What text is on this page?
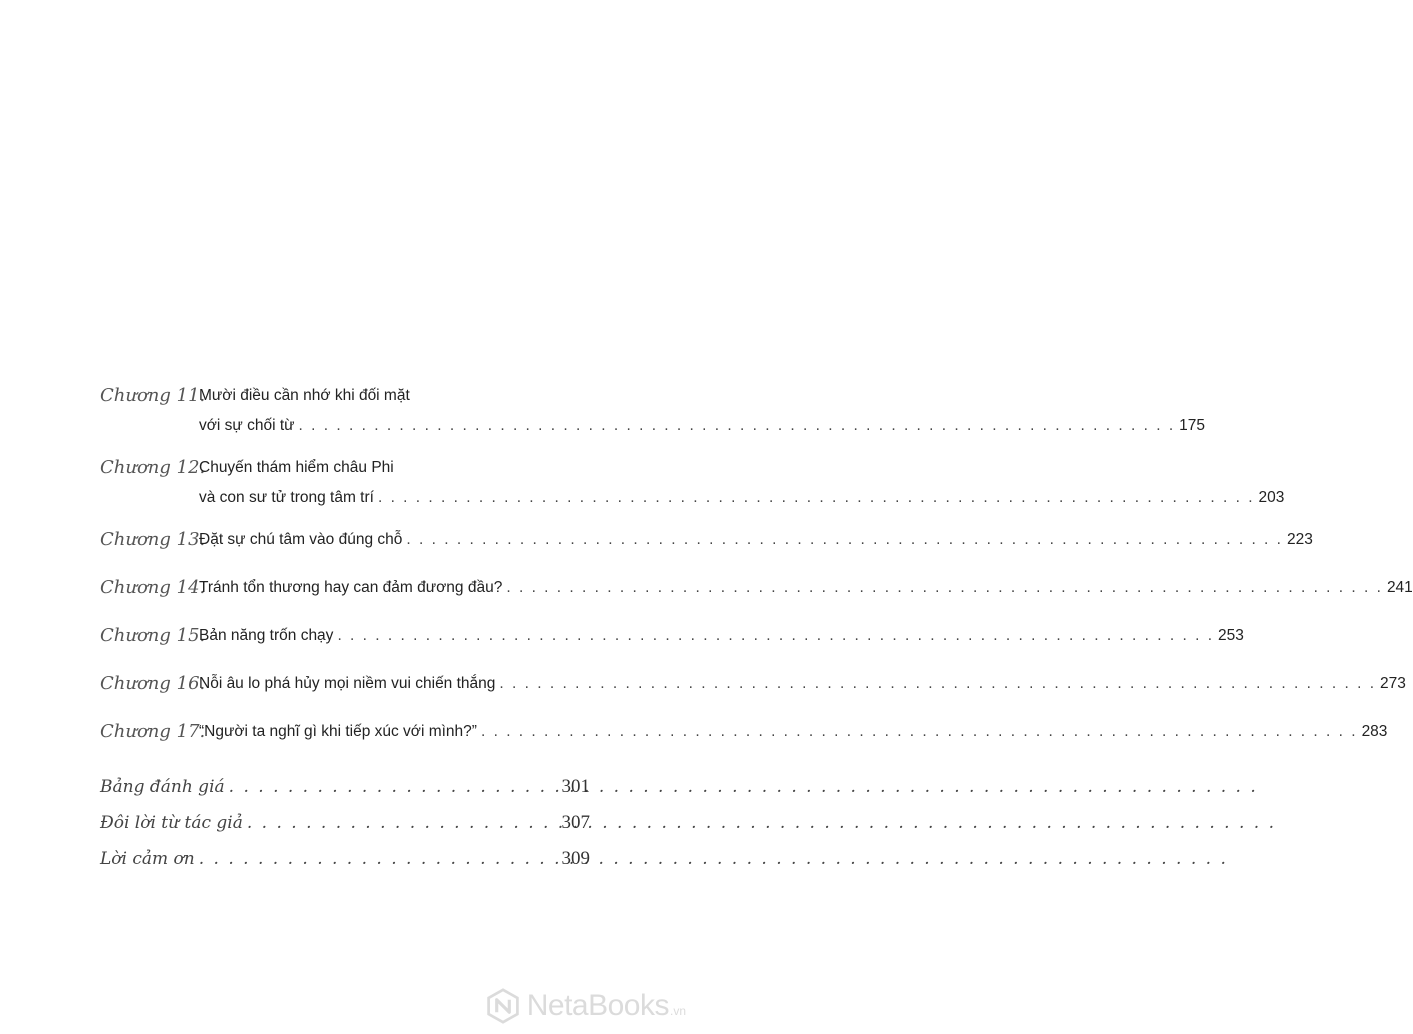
Chương 11.
Mười điều cần nhớ khi đối mặt
với sự chối từ . . .	175
Chương 12.
Chuyến thám hiểm châu Phi
và con sư tử trong tâm trí . . .	203
Chương 13.
Đặt sự chú tâm vào đúng chỗ . . .	223
Chương 14.
Tránh tổn thương hay can đảm đương đầu? . . .	241
Chương 15.
Bản năng trốn chạy . . .	253
Chương 16.
Nỗi âu lo phá hủy mọi niềm vui chiến thắng . . .	273
Chương 17.
“Người ta nghĩ gì khi tiếp xúc với mình?” . . .	283
Bảng đánh giá . . .	301
Đôi lời từ tác giả . . .	307
Lời cảm ơn . . .	309
NetaBooks .vn
